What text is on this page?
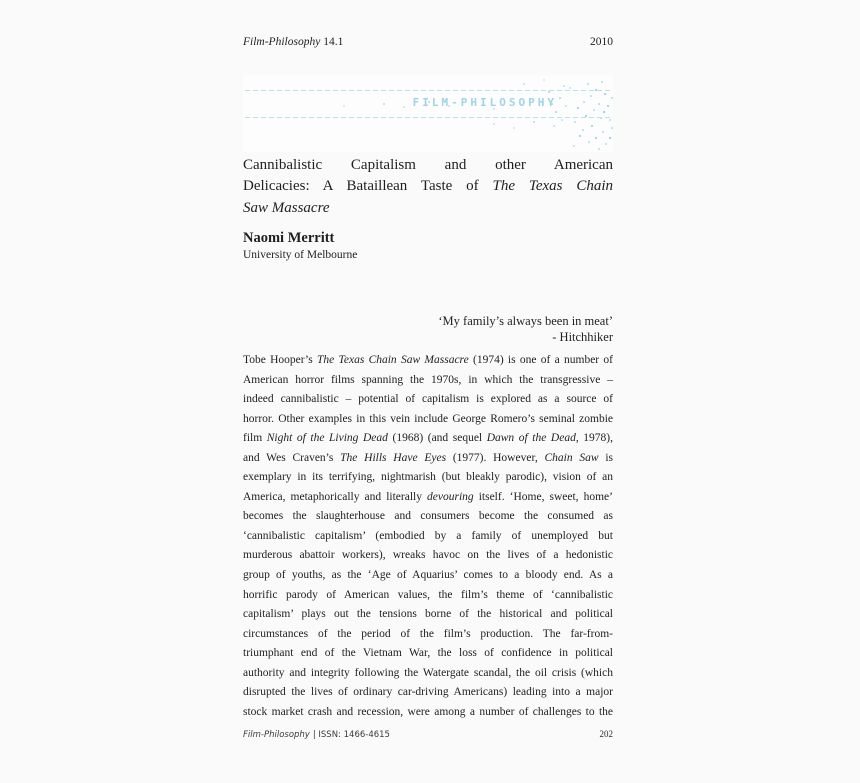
Film-Philosophy 14.1	2010
FILM-PHILOSOPHY
Cannibalistic Capitalism and other American
Delicacies: A Bataillean Taste of The Texas Chain
Saw Massacre
Naomi Merritt
University of Melbourne
‘My family’s always been in meat’
- Hitchhiker
Tobe Hooper’s The Texas Chain Saw Massacre (1974) is one of a number of
American horror films spanning the 1970s, in which the transgressive –
indeed cannibalistic – potential of capitalism is explored as a source of
horror. Other examples in this vein include George Romero’s seminal zombie
film Night of the Living Dead (1968) (and sequel Dawn of the Dead, 1978),
and Wes Craven’s The Hills Have Eyes (1977). However, Chain Saw is
exemplary in its terrifying, nightmarish (but bleakly parodic), vision of an
America, metaphorically and literally devouring itself. ‘Home, sweet, home’
becomes the slaughterhouse and consumers become the consumed as
‘cannibalistic capitalism’ (embodied by a family of unemployed but
murderous abattoir workers), wreaks havoc on the lives of a hedonistic
group of youths, as the ‘Age of Aquarius’ comes to a bloody end. As a
horrific parody of American values, the film’s theme of ‘cannibalistic
capitalism’ plays out the tensions borne of the historical and political
circumstances of the period of the film’s production. The far-from-
triumphant end of the Vietnam War, the loss of confidence in political
authority and integrity following the Watergate scandal, the oil crisis (which
disrupted the lives of ordinary car-driving Americans) leading into a major
stock market crash and recession, were among a number of challenges to the
Film-Philosophy | ISSN: 1466-4615	202
